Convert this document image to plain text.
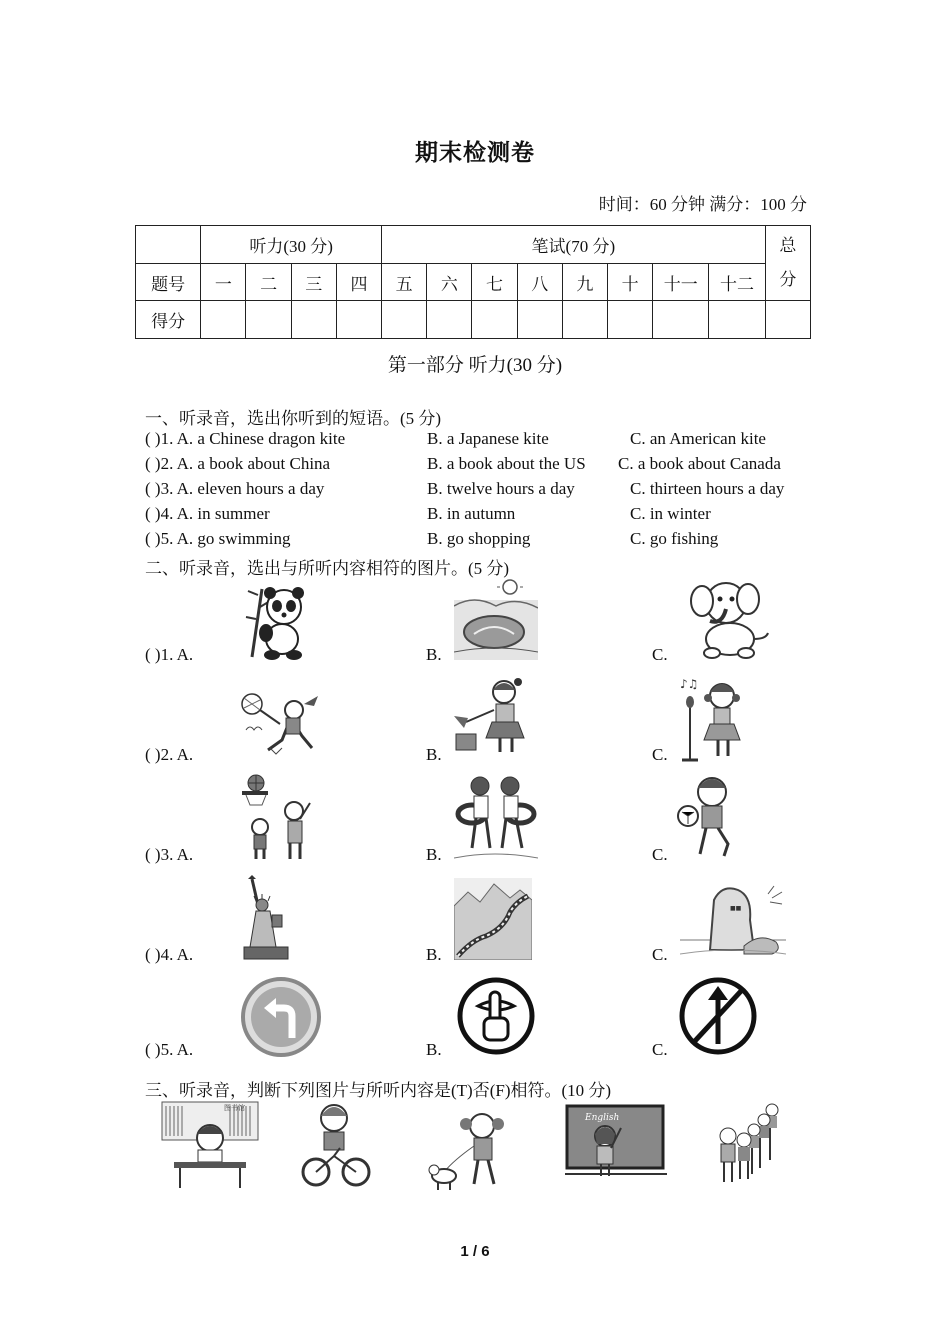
期末检测卷
时间：60 分钟 满分：100 分
	听力(30 分)				笔试(70 分)								总
分

题号	一	二	三	四	五	六	七	八	九	十	十一	十二	
得分													
第一部分 听力(30 分)
一、听录音，选出你听到的短语。(5 分)
( )1. A. a Chinese dragon kite	B. a Japanese kite	C. an American kite
( )2. A. a book about China	B. a book about the US C. a book about Canada
( )3. A. eleven hours a day	B. twelve hours a day	C. thirteen hours a day
( )4. A. in summer	B. in autumn	C. in winter
( )5. A. go swimming	B. go shopping	C. go fishing
二、听录音，选出与所听内容相符的图片。(5 分)
( )1. A.	B.	C.
( )2. A.	B.	C.
( )3. A.	B.	C.
( )4. A.	B.	C.
( )5. A.	B.	C.
♪♫
■■
三、听录音，判断下列图片与所听内容是(T)否(F)相符。(10 分)
图书馆
English
1 / 6
